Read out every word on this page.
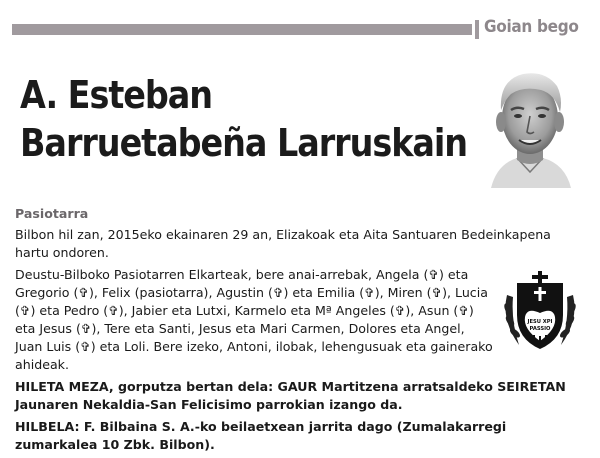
Goian bego
A. Esteban
Barruetabeña Larruskain
Pasiotarra

Bilbon hil zan, 2015eko ekainaren 29 an, Elizakoak eta Aita Santuaren Bedeinkapena hartu ondoren.

Deustu-Bilboko Pasiotarren Elkarteak, bere anai-arrebak, Angela (✞) eta Gregorio (✞), Felix (pasiotarra), Agustin (✞) eta Emilia (✞), Miren (✞), Lucia (✞) eta Pedro (✞), Jabier eta Lutxi, Karmelo eta Mª Angeles (✞), Asun (✞) eta Jesus (✞), Tere eta Santi, Jesus eta Mari Carmen, Dolores eta Angel, Juan Luis (✞) eta Loli. Bere izeko, Antoni, ilobak, lehengusuak eta gainerako ahideak.

HILETA MEZA, gorputza bertan dela: GAUR Martitzena arratsaldeko SEIRETAN Jaunaren Nekaldia-San Felicisimo parrokian izango da.

HILBELA: F. Bilbaina S. A.-ko beilaetxean jarrita dago (Zumalakarregi zumarkalea 10 Zbk. Bilbon).

JESU XPI
PASSIO
